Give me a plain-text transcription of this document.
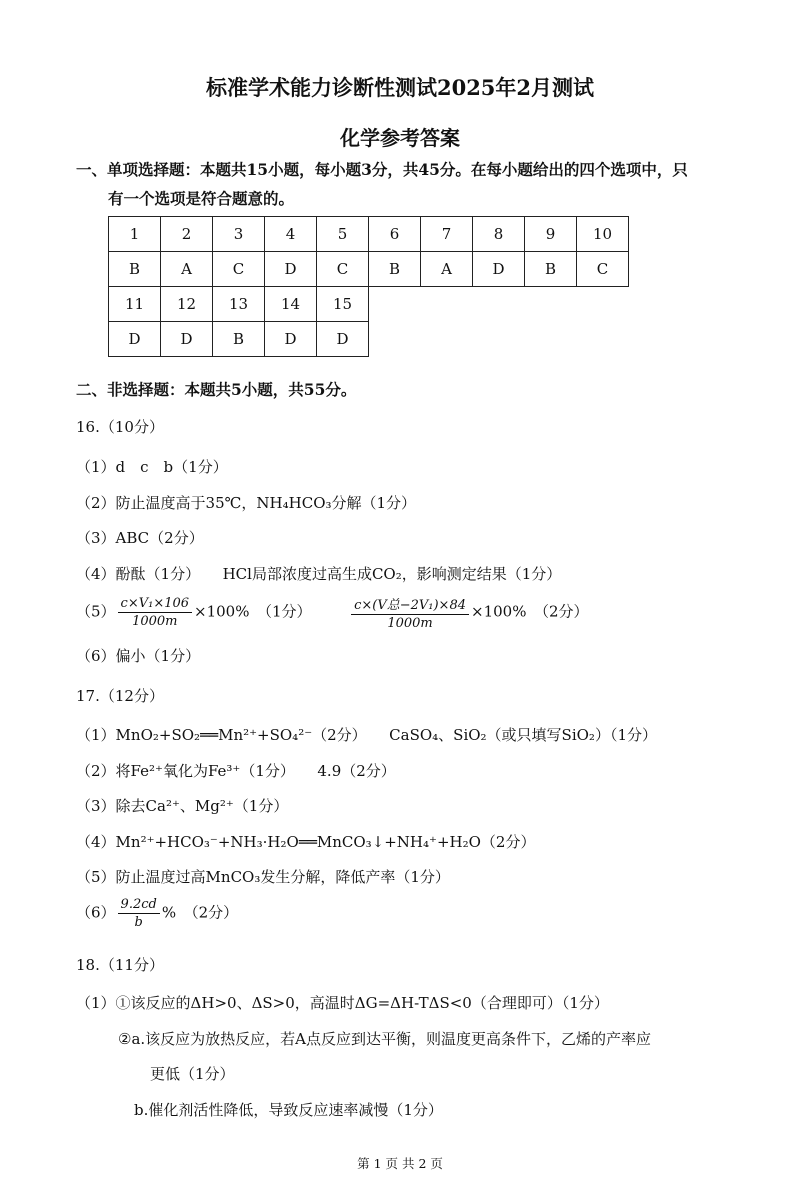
标准学术能力诊断性测试2025年2月测试
化学参考答案
一、单项选择题：本题共15小题，每小题3分，共45分。在每小题给出的四个选项中，只
有一个选项是符合题意的。
1	2	3	4	5	6	7	8	9	10
B	A	C	D	C	B	A	D	B	C
11	12	13	14	15					
D	D	B	D	D					
二、非选择题：本题共5小题，共55分。
16.（10分）
（1）d　c　b（1分）
（2）防止温度高于35℃，NH₄HCO₃分解（1分）
（3）ABC（2分）
（4）酚酞（1分）　　HCl局部浓度过高生成CO₂，影响测定结果（1分）
$(5) \frac{\text{c×V₁×106}}{1000m} \times 100\%$　（1分）	$\frac{\text{c×(V总−2V₁)×84}}{1000m} \times 100\%$　（2分）
（6）偏小（1分）
17.（12分）
（1）MnO₂+SO₂══Mn²⁺+SO₄²⁻（2分）　　CaSO₄、SiO₂（或只填写SiO₂）（1分）
（2）将Fe²⁺氧化为Fe³⁺（1分）　　4.9（2分）
（3）除去Ca²⁺、Mg²⁺（1分）
（4）Mn²⁺+HCO₃⁻+NH₃·H₂O══MnCO₃↓+NH₄⁺+H₂O（2分）
（5）防止温度过高MnCO₃发生分解，降低产率（1分）
$(6) \frac{9.2cd}{b}$ %　（2分）
18.（11分）
（1）①该反应的ΔH>0、ΔS>0，高温时ΔG=ΔH-TΔS<0（合理即可）（1分）
②a.该反应为放热反应，若A点反应到达平衡，则温度更高条件下，乙烯的产率应
更低（1分）
b.催化剂活性降低，导致反应速率减慢（1分）
第 1 页 共 2 页
